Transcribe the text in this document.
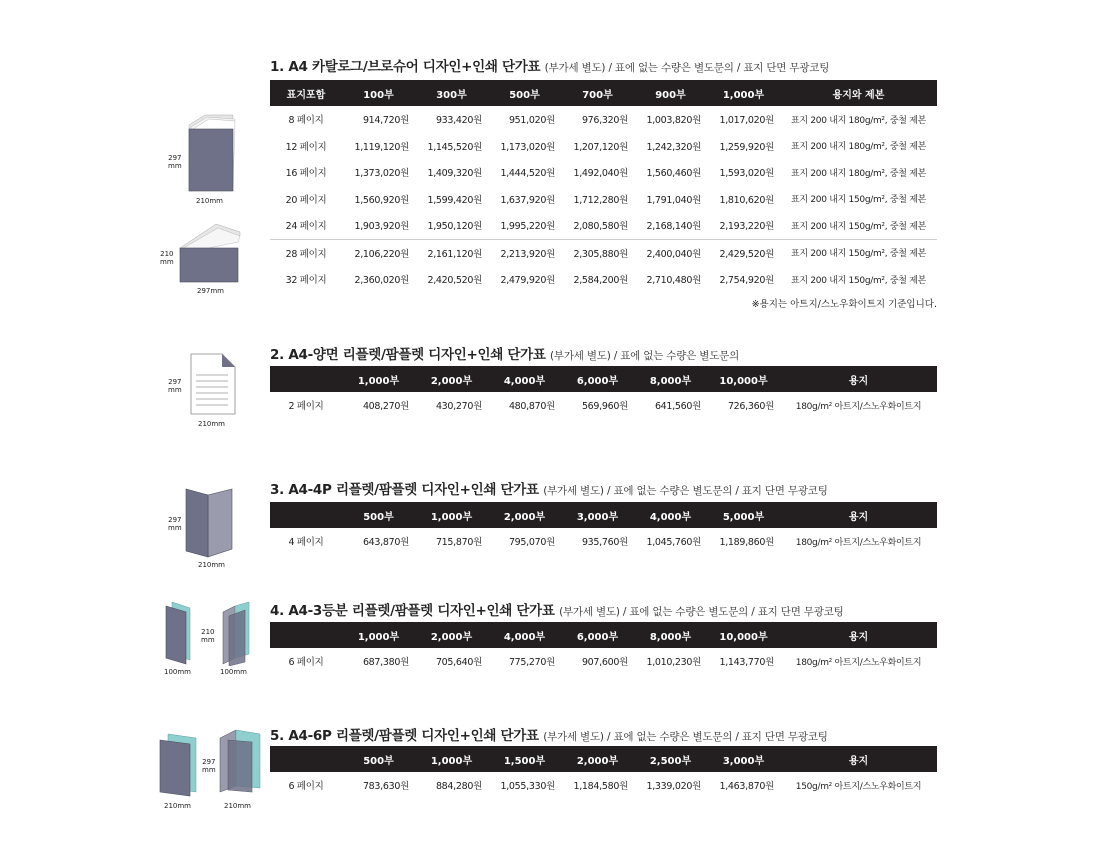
1. A4 카탈로그/브로슈어 디자인+인쇄 단가표 (부가세 별도) / 표에 없는 수량은 별도문의 / 표지 단면 무광코팅
297
mm
210mm
210
mm
297mm
표지포함	100부	300부	500부	700부	900부	1,000부	용지와 제본
8 페이지	914,720원	933,420원	951,020원	976,320원	1,003,820원	1,017,020원	표지 200 내지 180g/m², 중철 제본
12 페이지	1,119,120원	1,145,520원	1,173,020원	1,207,120원	1,242,320원	1,259,920원	표지 200 내지 180g/m², 중철 제본
16 페이지	1,373,020원	1,409,320원	1,444,520원	1,492,040원	1,560,460원	1,593,020원	표지 200 내지 180g/m², 중철 제본
20 페이지	1,560,920원	1,599,420원	1,637,920원	1,712,280원	1,791,040원	1,810,620원	표지 200 내지 150g/m², 중철 제본
24 페이지	1,903,920원	1,950,120원	1,995,220원	2,080,580원	2,168,140원	2,193,220원	표지 200 내지 150g/m², 중철 제본
28 페이지	2,106,220원	2,161,120원	2,213,920원	2,305,880원	2,400,040원	2,429,520원	표지 200 내지 150g/m², 중철 제본
32 페이지	2,360,020원	2,420,520원	2,479,920원	2,584,200원	2,710,480원	2,754,920원	표지 200 내지 150g/m², 중철 제본
※용지는 아트지/스노우화이트지 기준입니다.
2. A4-양면 리플렛/팜플렛 디자인+인쇄 단가표 (부가세 별도) / 표에 없는 수량은 별도문의
297
mm
210mm
	1,000부	2,000부	4,000부	6,000부	8,000부	10,000부	용지
2 페이지	408,270원	430,270원	480,870원	569,960원	641,560원	726,360원	180g/m² 아트지/스노우화이트지
3. A4-4P 리플렛/팜플렛 디자인+인쇄 단가표 (부가세 별도) / 표에 없는 수량은 별도문의 / 표지 단면 무광코팅
297
mm
210mm
	500부	1,000부	2,000부	3,000부	4,000부	5,000부	용지
4 페이지	643,870원	715,870원	795,070원	935,760원	1,045,760원	1,189,860원	180g/m² 아트지/스노우화이트지
4. A4-3등분 리플렛/팜플렛 디자인+인쇄 단가표 (부가세 별도) / 표에 없는 수량은 별도문의 / 표지 단면 무광코팅
210
mm
100mm	100mm
	1,000부	2,000부	4,000부	6,000부	8,000부	10,000부	용지
6 페이지	687,380원	705,640원	775,270원	907,600원	1,010,230원	1,143,770원	180g/m² 아트지/스노우화이트지
5. A4-6P 리플렛/팜플렛 디자인+인쇄 단가표 (부가세 별도) / 표에 없는 수량은 별도문의 / 표지 단면 무광코팅
297
mm
210mm	210mm
	500부	1,000부	1,500부	2,000부	2,500부	3,000부	용지
6 페이지	783,630원	884,280원	1,055,330원	1,184,580원	1,339,020원	1,463,870원	150g/m² 아트지/스노우화이트지
